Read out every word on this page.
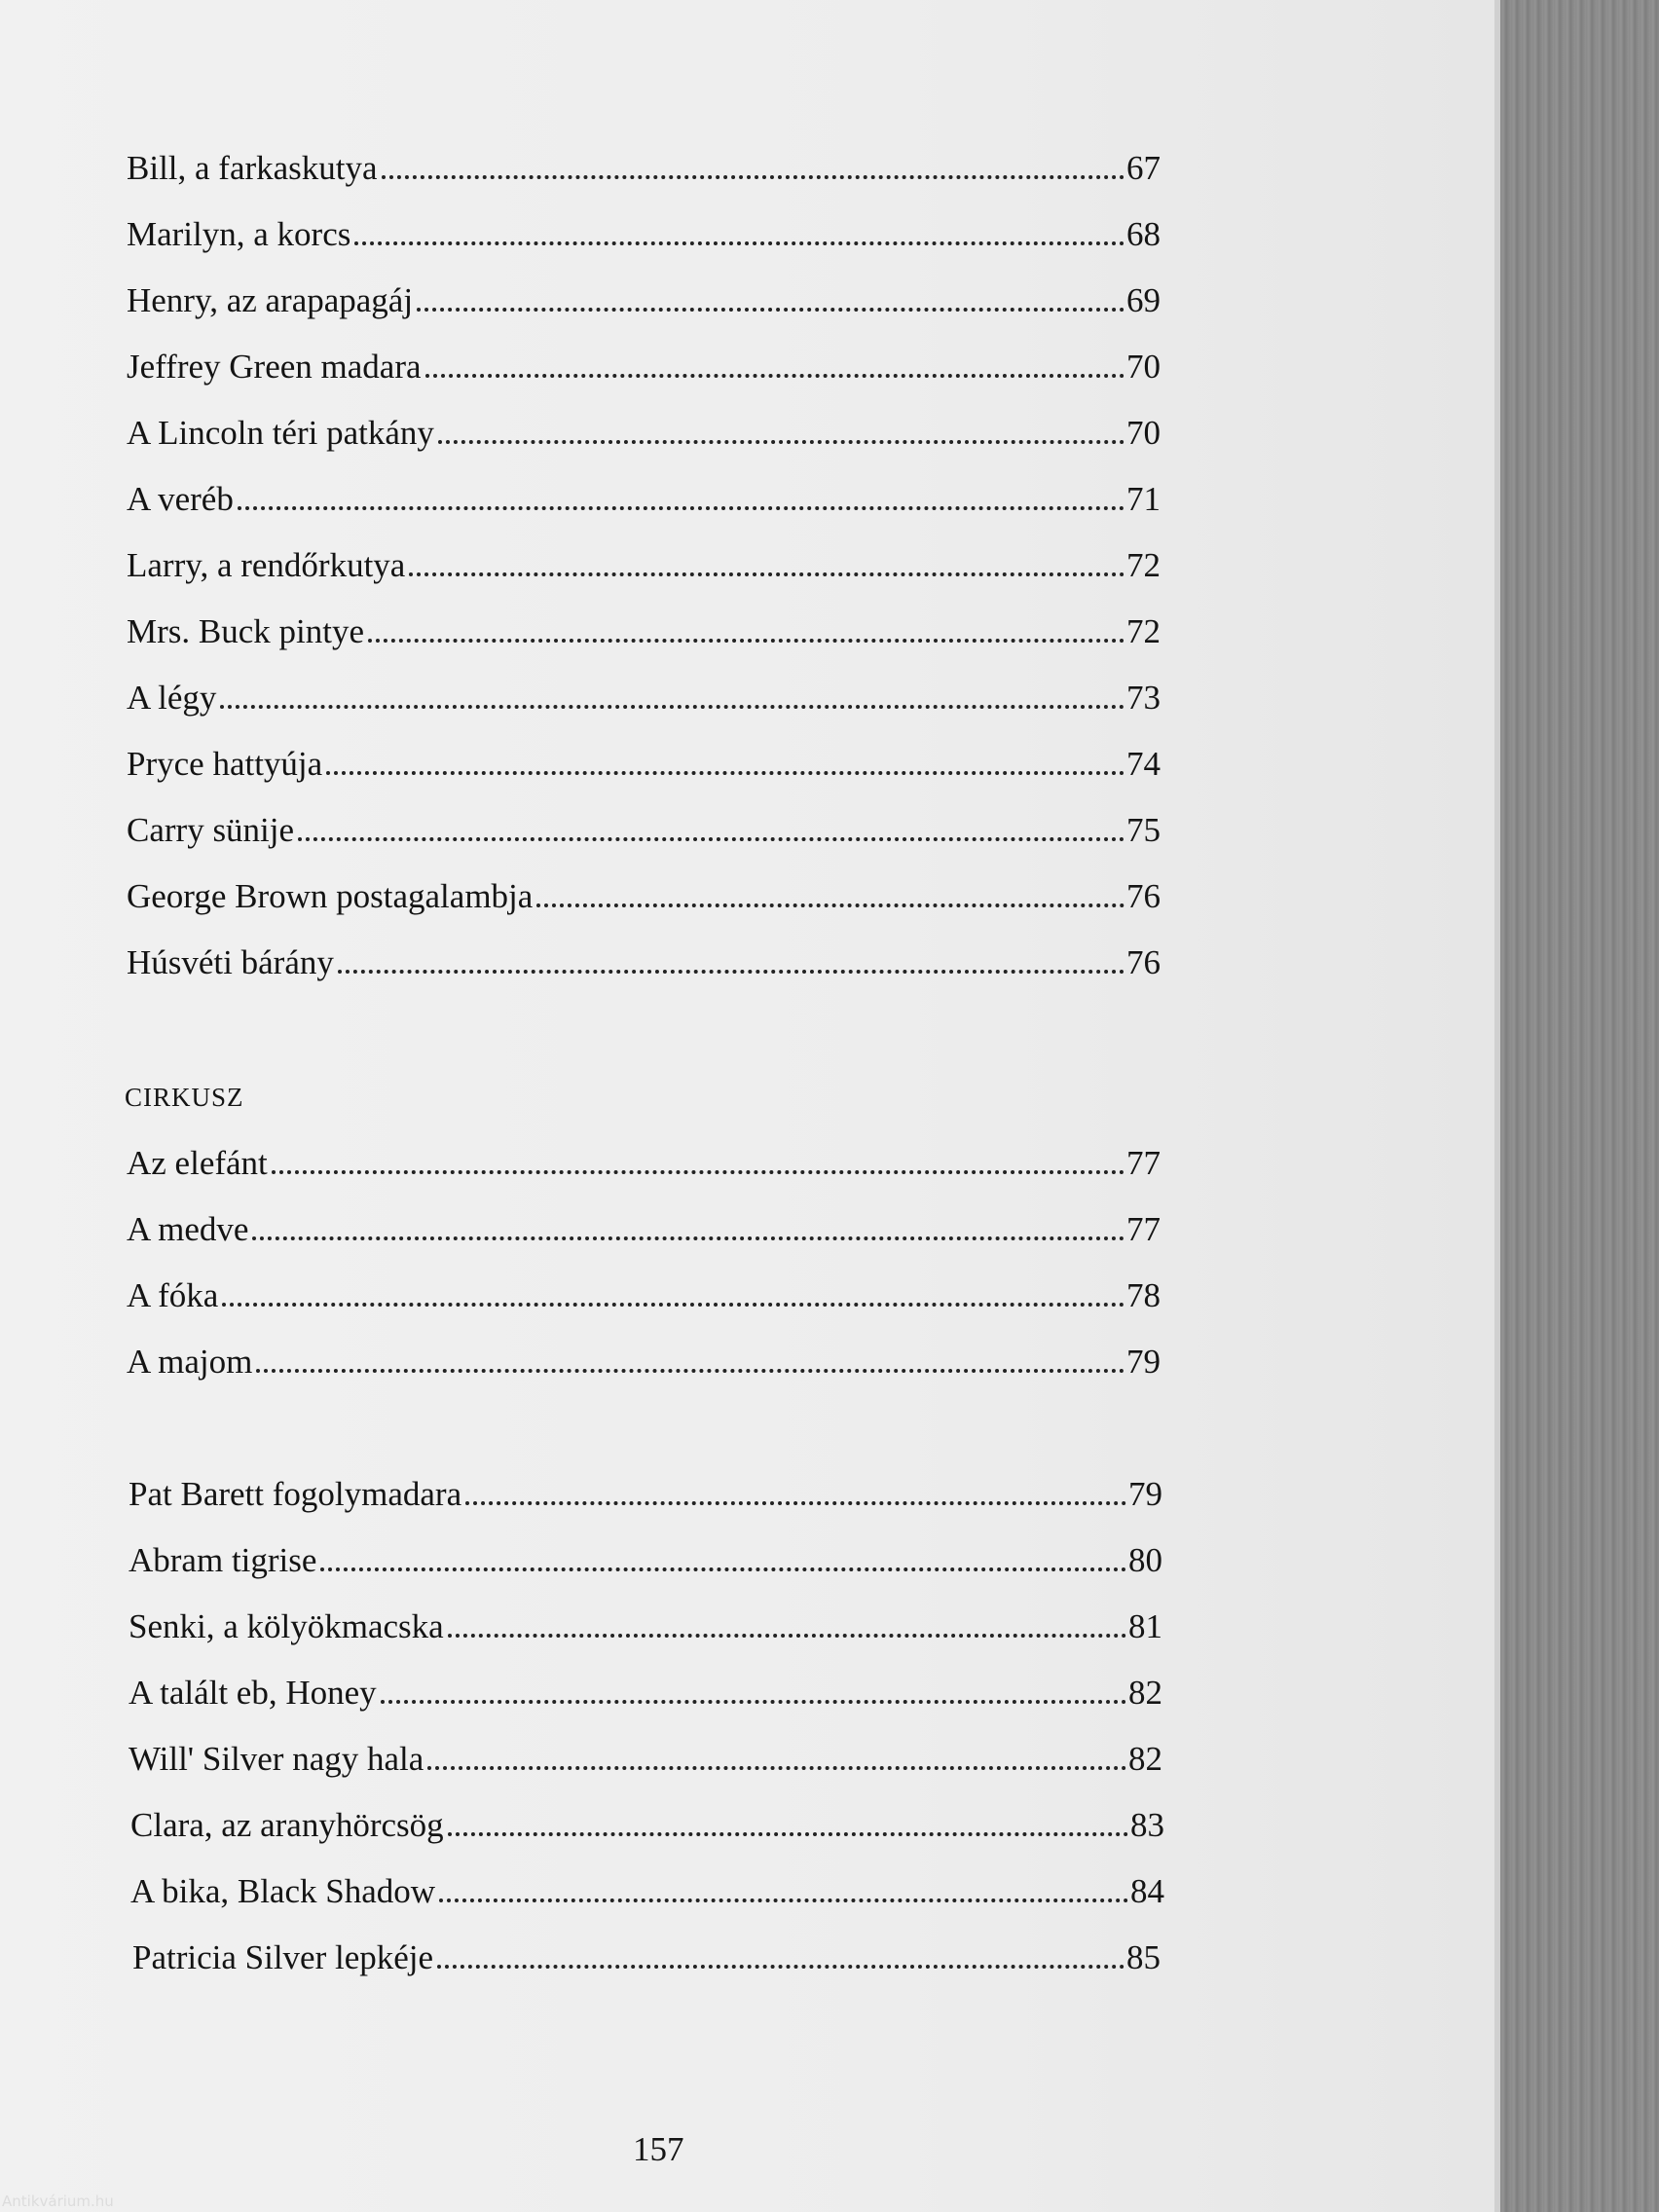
Bill, a farkaskutya	67
Marilyn, a korcs	68
Henry, az arapapagáj	69
Jeffrey Green madara	70
A Lincoln téri patkány	70
A veréb	71
Larry, a rendőrkutya	72
Mrs. Buck pintye	72
A légy	73
Pryce hattyúja	74
Carry sünije	75
George Brown postagalambja	76
Húsvéti bárány	76
CIRKUSZ
Az elefánt	77
A medve	77
A fóka	78
A majom	79
Pat Barett fogolymadara	79
Abram tigrise	80
Senki, a kölyökmacska	81
A talált eb, Honey	82
Will' Silver nagy hala	82
Clara, az aranyhörcsög	83
A bika, Black Shadow	84
Patricia Silver lepkéje	85
157
Antikvárium.hu
